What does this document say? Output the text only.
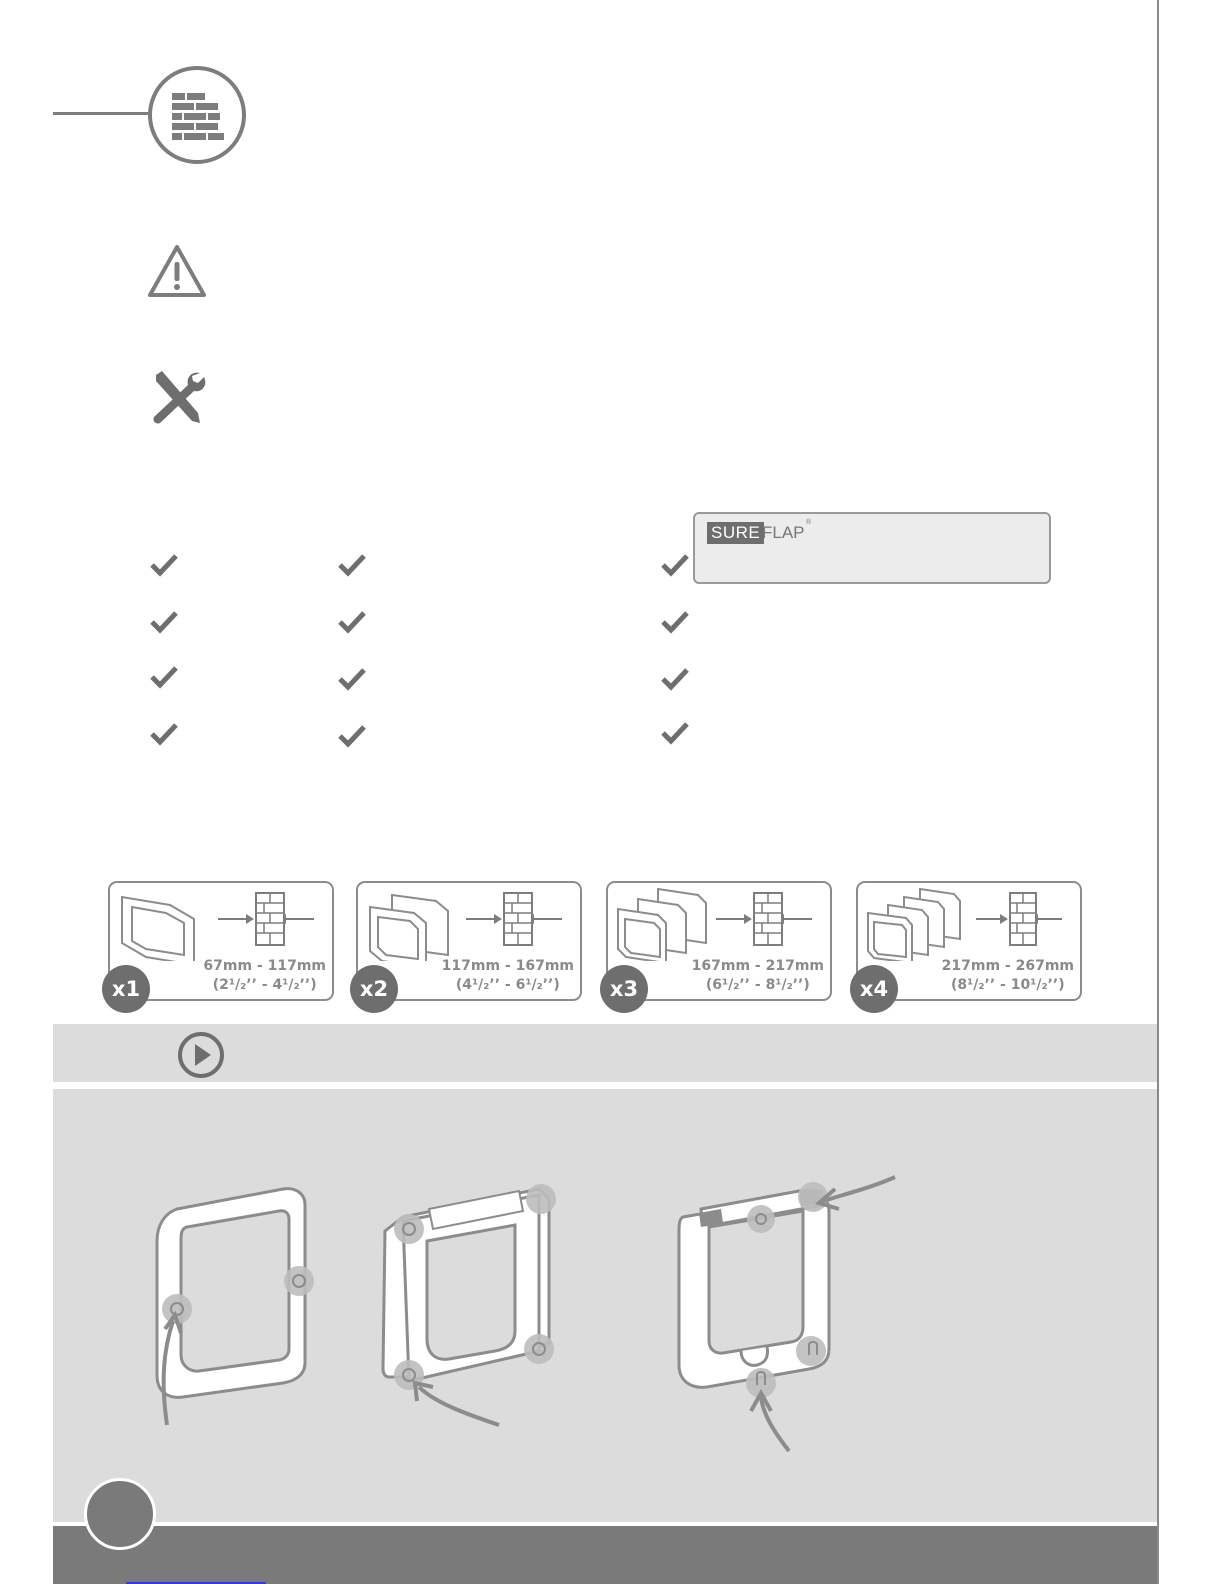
SURE FLAP
®
67mm - 117mm
(2¹/₂’’ - 4¹/₂’’)
x1
117mm - 167mm
(4¹/₂’’ - 6¹/₂’’)
x2
167mm - 217mm
(6¹/₂’’ - 8¹/₂’’)
x3
217mm - 267mm
(8¹/₂’’ - 10¹/₂’’)
x4
